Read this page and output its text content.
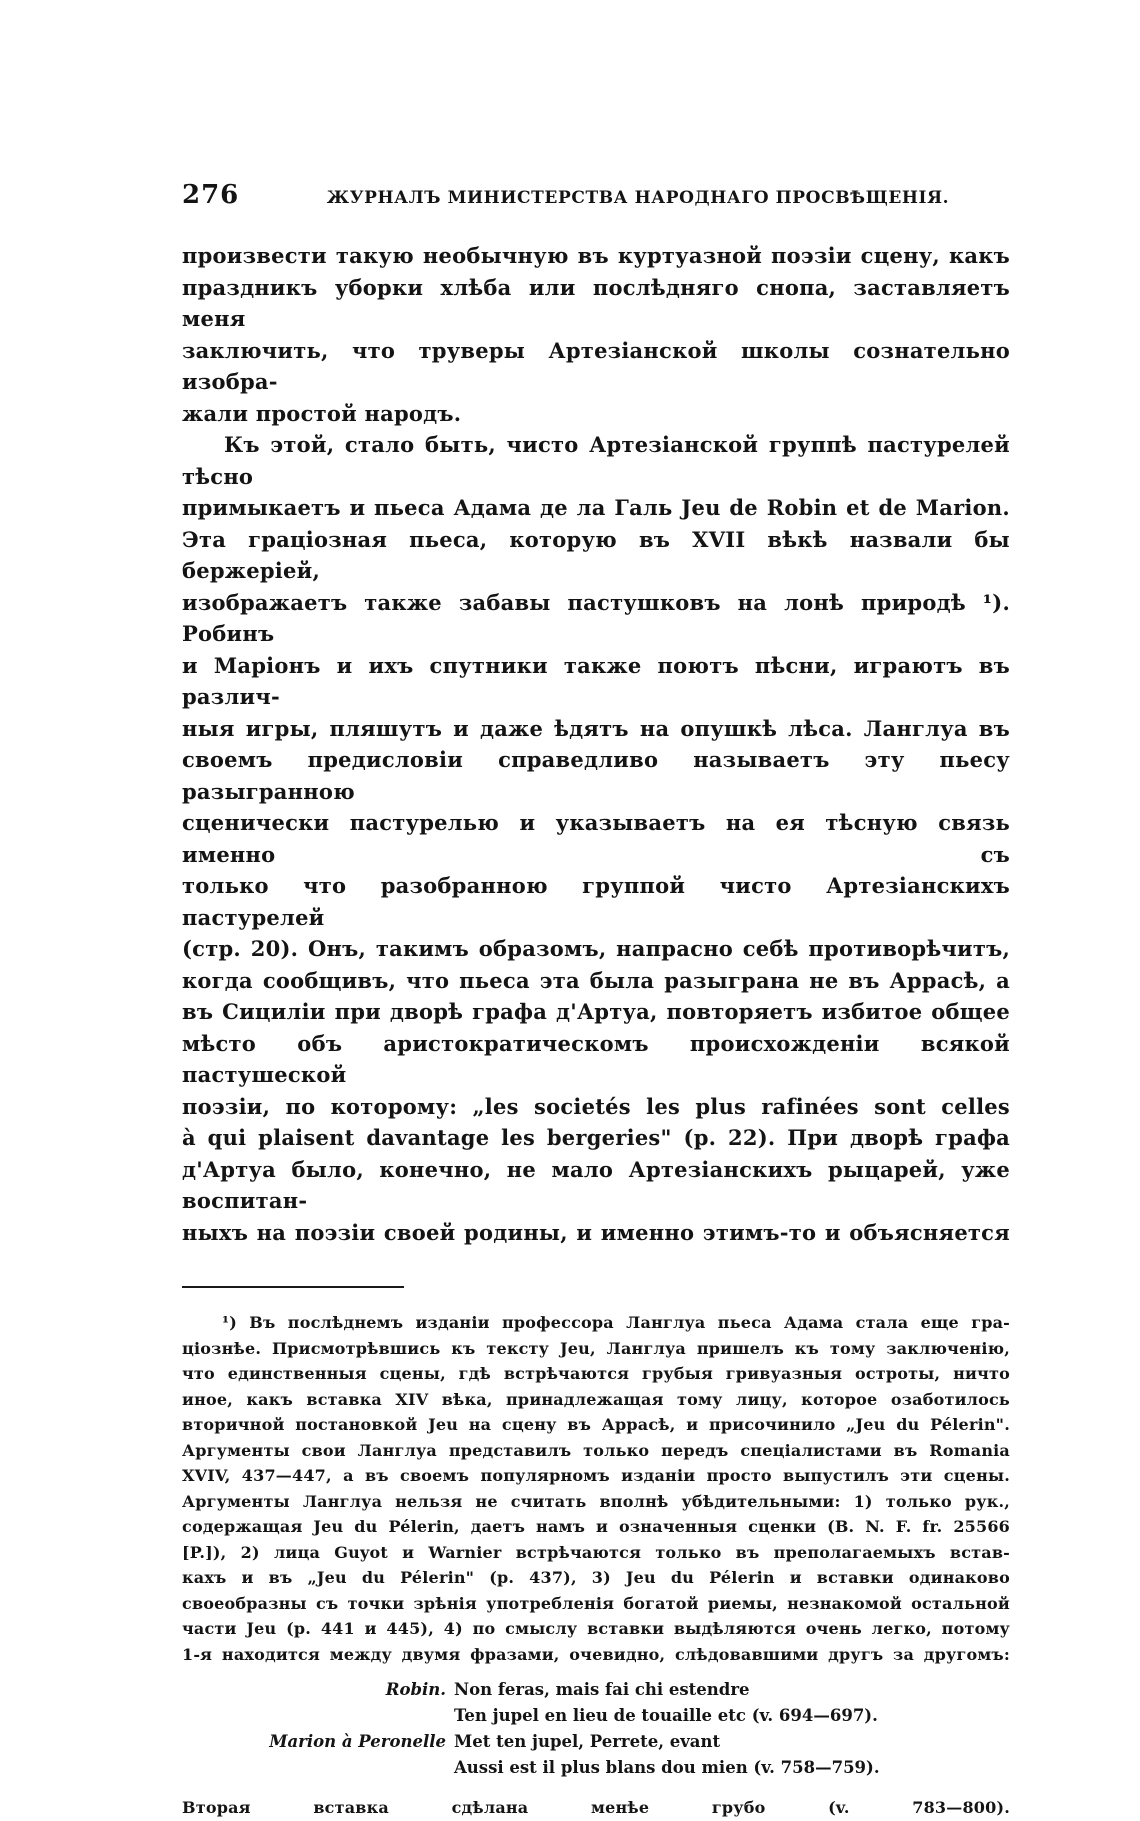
276	ЖУРНАЛЪ МИНИСТЕРСТВА НАРОДНАГО ПРОСВѢЩЕНІЯ.

произвести такую необычную въ куртуазной поэзіи сцену, какъ

праздникъ уборки хлѣба или послѣдняго снопа, заставляетъ меня

заключить, что труверы Артезіанской школы сознательно изобра-

жали простой народъ.

Къ этой, стало быть, чисто Артезіанской группѣ пастурелей тѣсно

примыкаетъ и пьеса Адама де ла Галь Jeu de Robin et de Marion.

Эта граціозная пьеса, которую въ XVII вѣкѣ назвали бы бержеріей,

изображаетъ также забавы пастушковъ на лонѣ природѣ ¹). Робинъ

и Маріонъ и ихъ спутники также поютъ пѣсни, играютъ въ различ-

ныя игры, пляшутъ и даже ѣдятъ на опушкѣ лѣса. Ланглуа въ

своемъ предисловіи справедливо называетъ эту пьесу разыгранною

сценически пастурелью и указываетъ на ея тѣсную связь именно съ

только что разобранною группой чисто Артезіанскихъ пастурелей

(стр. 20). Онъ, такимъ образомъ, напрасно себѣ противорѣчитъ,

когда сообщивъ, что пьеса эта была разыграна не въ Аррасѣ, а

въ Сициліи при дворѣ графа д'Артуа, повторяетъ избитое общее

мѣсто объ аристократическомъ происхожденіи всякой пастушеской

поэзіи, по которому: „les societés les plus rafinées sont celles

à qui plaisent davantage les bergeries" (p. 22). При дворѣ графа

д'Артуа было, конечно, не мало Артезіанскихъ рыцарей, уже воспитан-

ныхъ на поэзіи своей родины, и именно этимъ-то и объясняется

¹) Въ послѣднемъ изданіи профессора Ланглуа пьеса Адама стала еще гра-

ціознѣе. Присмотрѣвшись къ тексту Jeu, Ланглуа пришелъ къ тому заключенію,

что единственныя сцены, гдѣ встрѣчаются грубыя гривуазныя остроты, ничто

иное, какъ вставка XIV вѣка, принадлежащая тому лицу, которое озаботилось

вторичной постановкой Jeu на сцену въ Аррасѣ, и присочинило „Jeu du Pélerin".

Аргументы свои Ланглуа представилъ только передъ спеціалистами въ Romania

XVIV, 437—447, а въ своемъ популярномъ изданіи просто выпустилъ эти сцены.

Аргументы Ланглуа нельзя не считать вполнѣ убѣдительными: 1) только рук.,

содержащая Jeu du Pélerin, даетъ намъ и означенныя сценки (B. N. F. fr. 25566

[P.]), 2) лица Guyot и Warnier встрѣчаются только въ преполагаемыхъ встав-

кахъ и въ „Jeu du Pélerin" (p. 437), 3) Jeu du Pélerin и вставки одинаково

своеобразны съ точки зрѣнія употребленія богатой риемы, незнакомой остальной

части Jeu (p. 441 и 445), 4) по смыслу вставки выдѣляются очень легко, потому

1-я находится между двумя фразами, очевидно, слѣдовавшими другъ за другомъ:

Robin. Non feras, mais fai chi estendre
Ten jupel en lieu de touaille etc (v. 694—697).
Marion à Peronelle Met ten jupel, Perrete, evant
Aussi est il plus blans dou mien (v. 758—759).

Вторая вставка сдѣлана менѣе грубо (v. 783—800).
